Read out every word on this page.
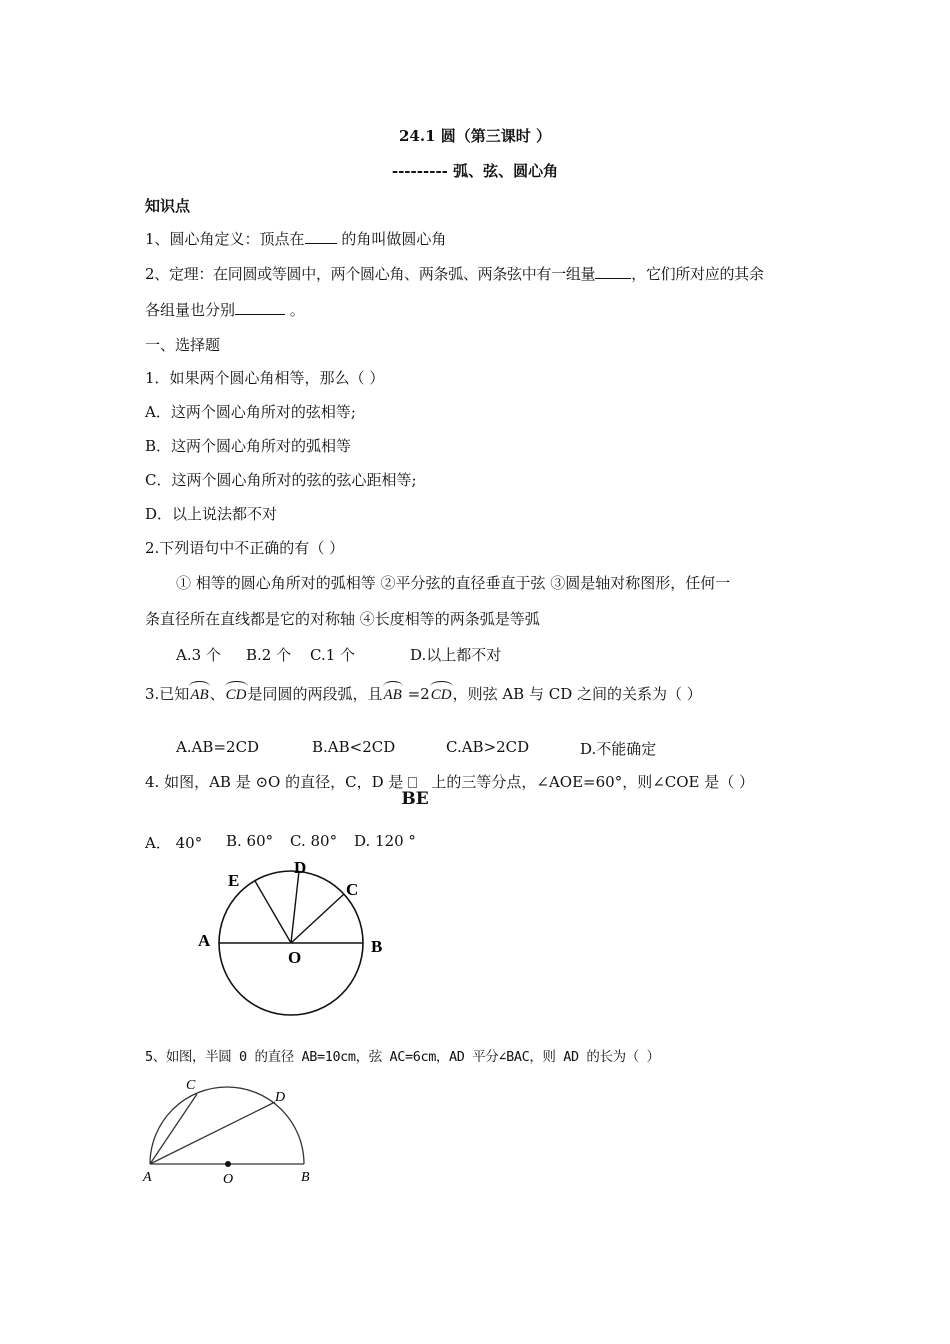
24.1 圆（第三课时 ）
--------- 弧、弦、圆心角
知识点
1、圆心角定义：顶点在 的角叫做圆心角
2、定理：在同圆或等圆中，两个圆心角、两条弧、两条弦中有一组量 ，它们所对应的其余
各组量也分别	。
一、选择题
1．如果两个圆心角相等，那么（ ）
A．这两个圆心角所对的弦相等;
B．这两个圆心角所对的弧相等
C．这两个圆心角所对的弦的弦心距相等;
D．以上说法都不对
2.下列语句中不正确的有（ ）
① 相等的圆心角所对的弧相等 ②平分弦的直径垂直于弦 ③圆是轴对称图形，任何一
条直径所在直线都是它的对称轴 ④长度相等的两条弧是等弧
A.3 个 B.2 个 C.1 个	D.以上都不对
3.已知AB、CD是同圆的两段弧，且AB =2CD，则弦 AB 与 CD 之间的关系为（ ）
A.AB=2CD	B.AB<2CD	C.AB>2CD	D.不能确定
4. 如图，AB 是 ⊙O 的直径，C，D 是
BE
上的三等分点，∠AOE=60°，则∠COE 是（ ）
A． 40° B. 60° C. 80° D. 120 °
A	B
C
D
E
O
5、如图，半圆 0 的直径 AB=10cm，弦 AC=6cm，AD 平分∠BAC，则 AD 的长为（ ）
A	B
C
D
O
